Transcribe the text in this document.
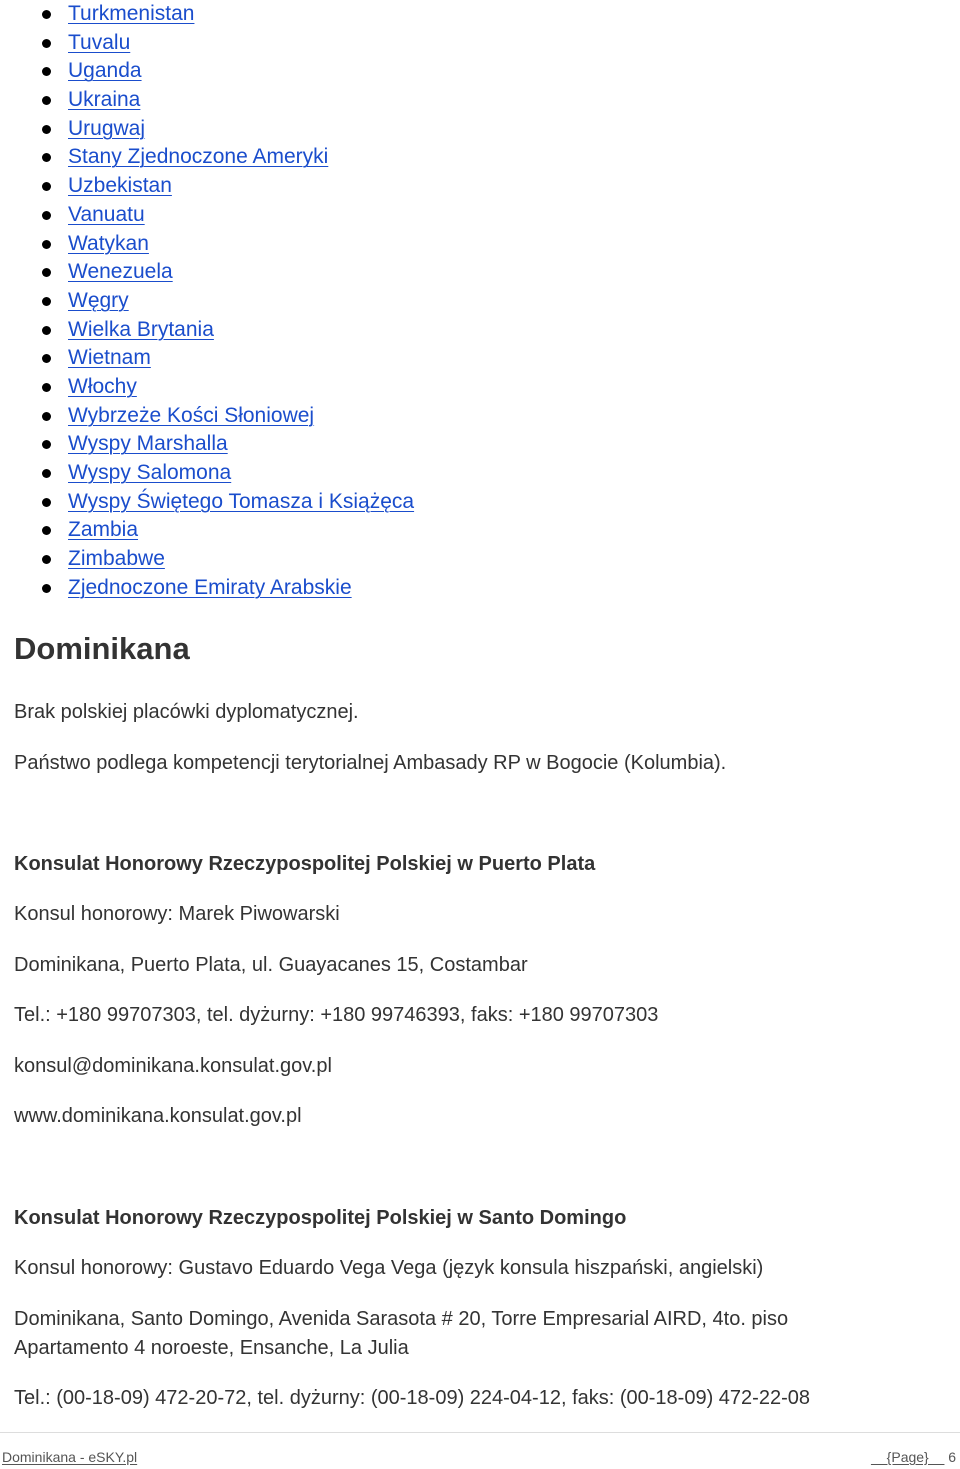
Turkmenistan
Tuvalu
Uganda
Ukraina
Urugwaj
Stany Zjednoczone Ameryki
Uzbekistan
Vanuatu
Watykan
Wenezuela
Węgry
Wielka Brytania
Wietnam
Włochy
Wybrzeże Kości Słoniowej
Wyspy Marshalla
Wyspy Salomona
Wyspy Świętego Tomasza i Książęca
Zambia
Zimbabwe
Zjednoczone Emiraty Arabskie
Dominikana

Brak polskiej placówki dyplomatycznej.

Państwo podlega kompetencji terytorialnej Ambasady RP w Bogocie (Kolumbia).

Konsulat Honorowy Rzeczypospolitej Polskiej w Puerto Plata

Konsul honorowy: Marek Piwowarski

Dominikana, Puerto Plata, ul. Guayacanes 15, Costambar

Tel.: +180 99707303, tel. dyżurny: +180 99746393, faks: +180 99707303

konsul@dominikana.konsulat.gov.pl

www.dominikana.konsulat.gov.pl

Konsulat Honorowy Rzeczypospolitej Polskiej w Santo Domingo

Konsul honorowy: Gustavo Eduardo Vega Vega (język konsula hiszpański, angielski)

Dominikana, Santo Domingo, Avenida Sarasota # 20, Torre Empresarial AIRD, 4to. piso

Apartamento 4 noroeste, Ensanche, La Julia

Tel.: (00-18-09) 472-20-72, tel. dyżurny: (00-18-09) 224-04-12, faks: (00-18-09) 472-22-08

Dominikana - eSKY.pl	__{Page}__ 6
